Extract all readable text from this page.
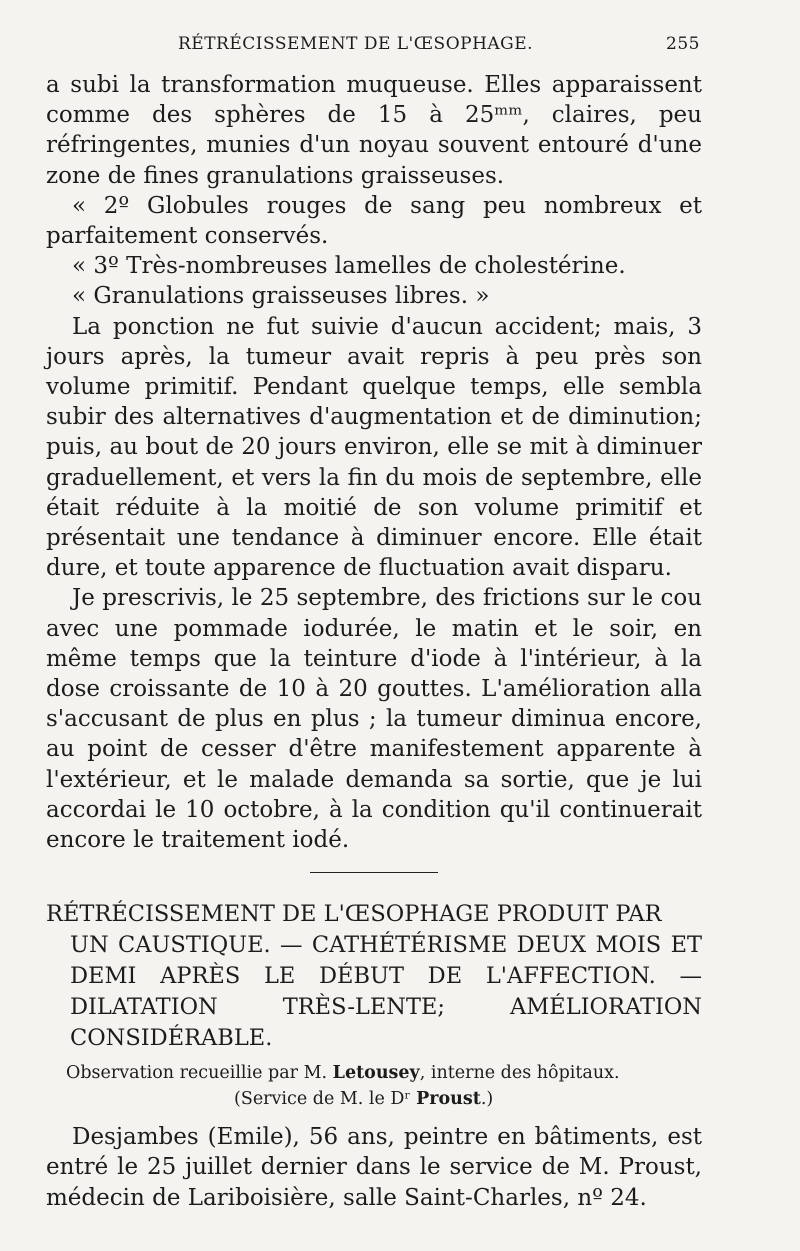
RÉTRÉCISSEMENT DE L'ŒSOPHAGE.	255

a subi la transformation muqueuse. Elles apparaissent comme des sphères de 15 à 25ᵐᵐ, claires, peu réfringentes, munies d'un noyau souvent entouré d'une zone de fines granulations graisseuses.

« 2º Globules rouges de sang peu nombreux et parfaitement conservés.

« 3º Très-nombreuses lamelles de cholestérine.

« Granulations graisseuses libres. »

La ponction ne fut suivie d'aucun accident; mais, 3 jours après, la tumeur avait repris à peu près son volume primitif. Pendant quelque temps, elle sembla subir des alternatives d'augmentation et de diminution; puis, au bout de 20 jours environ, elle se mit à diminuer graduellement, et vers la fin du mois de septembre, elle était réduite à la moitié de son volume primitif et présentait une tendance à diminuer encore. Elle était dure, et toute apparence de fluctuation avait disparu.

Je prescrivis, le 25 septembre, des frictions sur le cou avec une pommade iodurée, le matin et le soir, en même temps que la teinture d'iode à l'intérieur, à la dose croissante de 10 à 20 gouttes. L'amélioration alla s'accusant de plus en plus ; la tumeur diminua encore, au point de cesser d'être manifestement apparente à l'extérieur, et le malade demanda sa sortie, que je lui accordai le 10 octobre, à la condition qu'il continuerait encore le traitement iodé.

RÉTRÉCISSEMENT DE L'ŒSOPHAGE PRODUIT PAR
UN CAUSTIQUE. — CATHÉTÉRISME DEUX MOIS ET DEMI APRÈS LE DÉBUT DE L'AFFECTION. — DILATATION TRÈS-LENTE; AMÉLIORATION CONSIDÉRABLE.
Observation recueillie par M. Letousey, interne des hôpitaux.
(Service de M. le Dʳ Proust.)

Desjambes (Emile), 56 ans, peintre en bâtiments, est entré le 25 juillet dernier dans le service de M. Proust, médecin de Lariboisière, salle Saint-Charles, nº 24.
